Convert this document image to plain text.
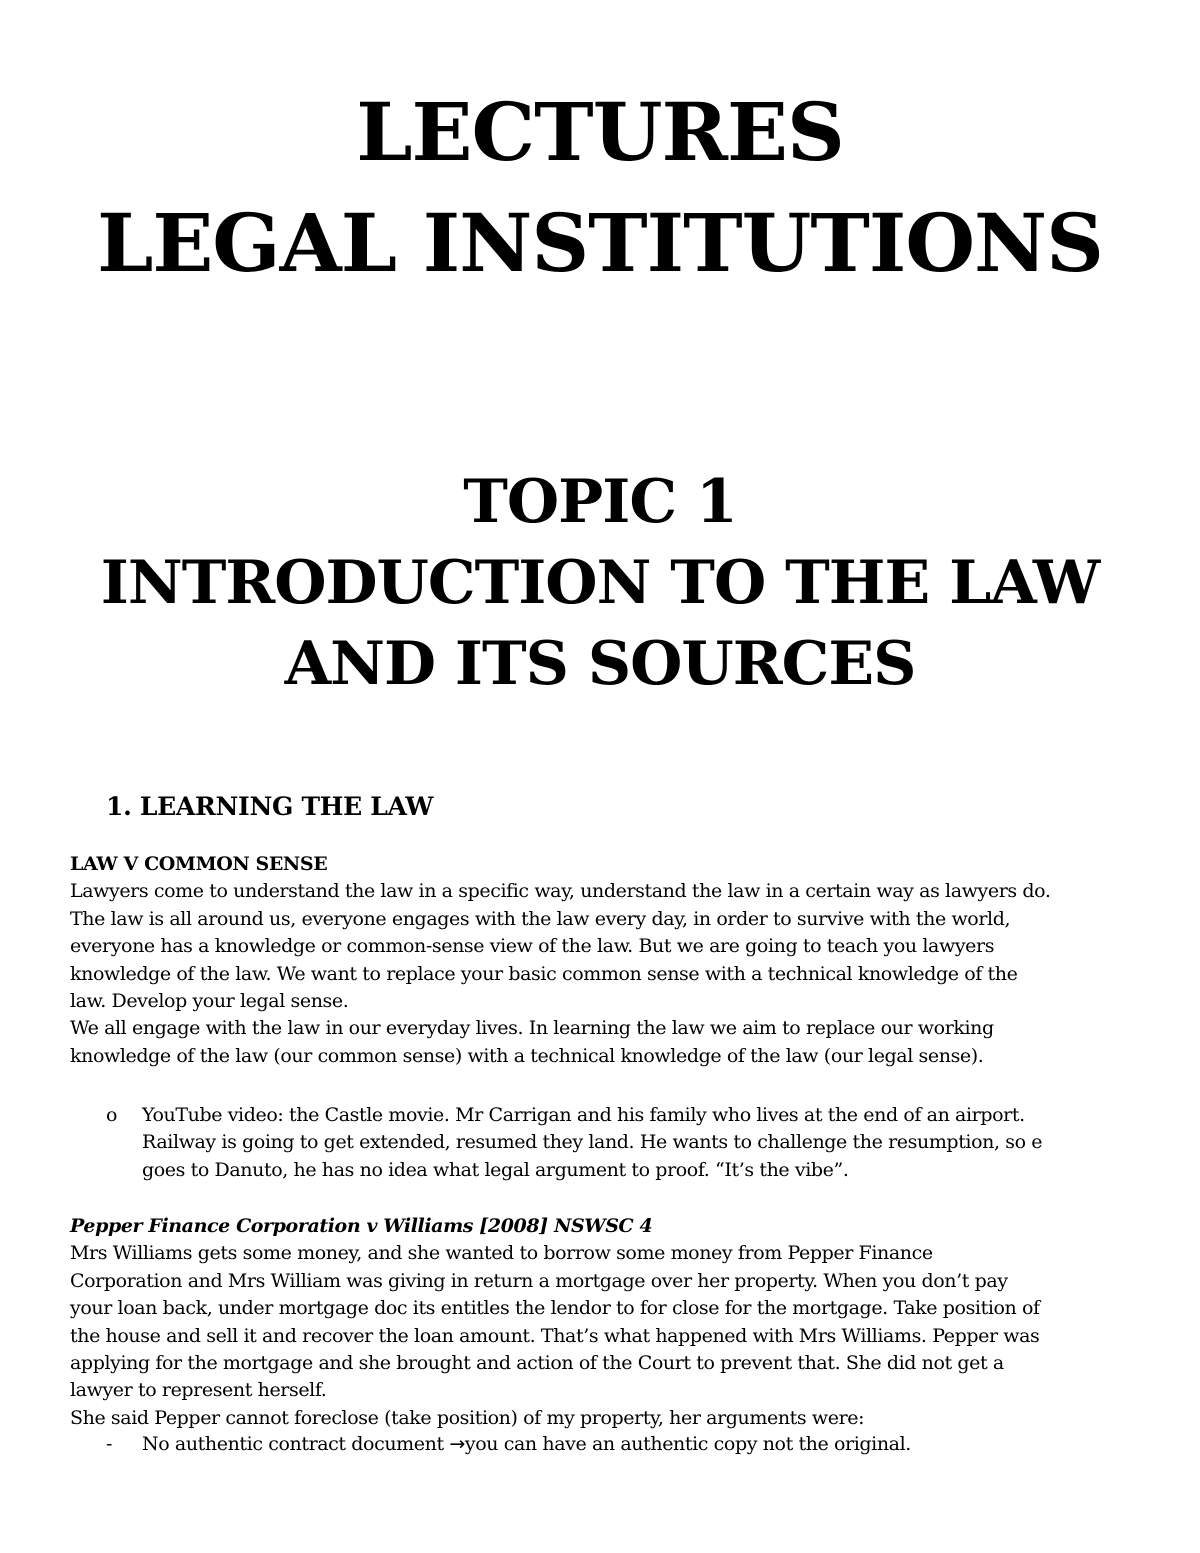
LECTURES
LEGAL INSTITUTIONS
TOPIC 1
INTRODUCTION TO THE LAW
AND ITS SOURCES
1. LEARNING THE LAW
LAW V COMMON SENSE
Lawyers come to understand the law in a specific way, understand the law in a certain way as lawyers do.
The law is all around us, everyone engages with the law every day, in order to survive with the world,
everyone has a knowledge or common-sense view of the law. But we are going to teach you lawyers
knowledge of the law. We want to replace your basic common sense with a technical knowledge of the
law. Develop your legal sense.
We all engage with the law in our everyday lives. In learning the law we aim to replace our working
knowledge of the law (our common sense) with a technical knowledge of the law (our legal sense).
o YouTube video: the Castle movie. Mr Carrigan and his family who lives at the end of an airport.
Railway is going to get extended, resumed they land. He wants to challenge the resumption, so e
goes to Danuto, he has no idea what legal argument to proof. “It’s the vibe”.
Pepper Finance Corporation v Williams [2008] NSWSC 4
Mrs Williams gets some money, and she wanted to borrow some money from Pepper Finance
Corporation and Mrs William was giving in return a mortgage over her property. When you don’t pay
your loan back, under mortgage doc its entitles the lendor to for close for the mortgage. Take position of
the house and sell it and recover the loan amount. That’s what happened with Mrs Williams. Pepper was
applying for the mortgage and she brought and action of the Court to prevent that. She did not get a
lawyer to represent herself.
She said Pepper cannot foreclose (take position) of my property, her arguments were:
- No authentic contract document →you can have an authentic copy not the original.
